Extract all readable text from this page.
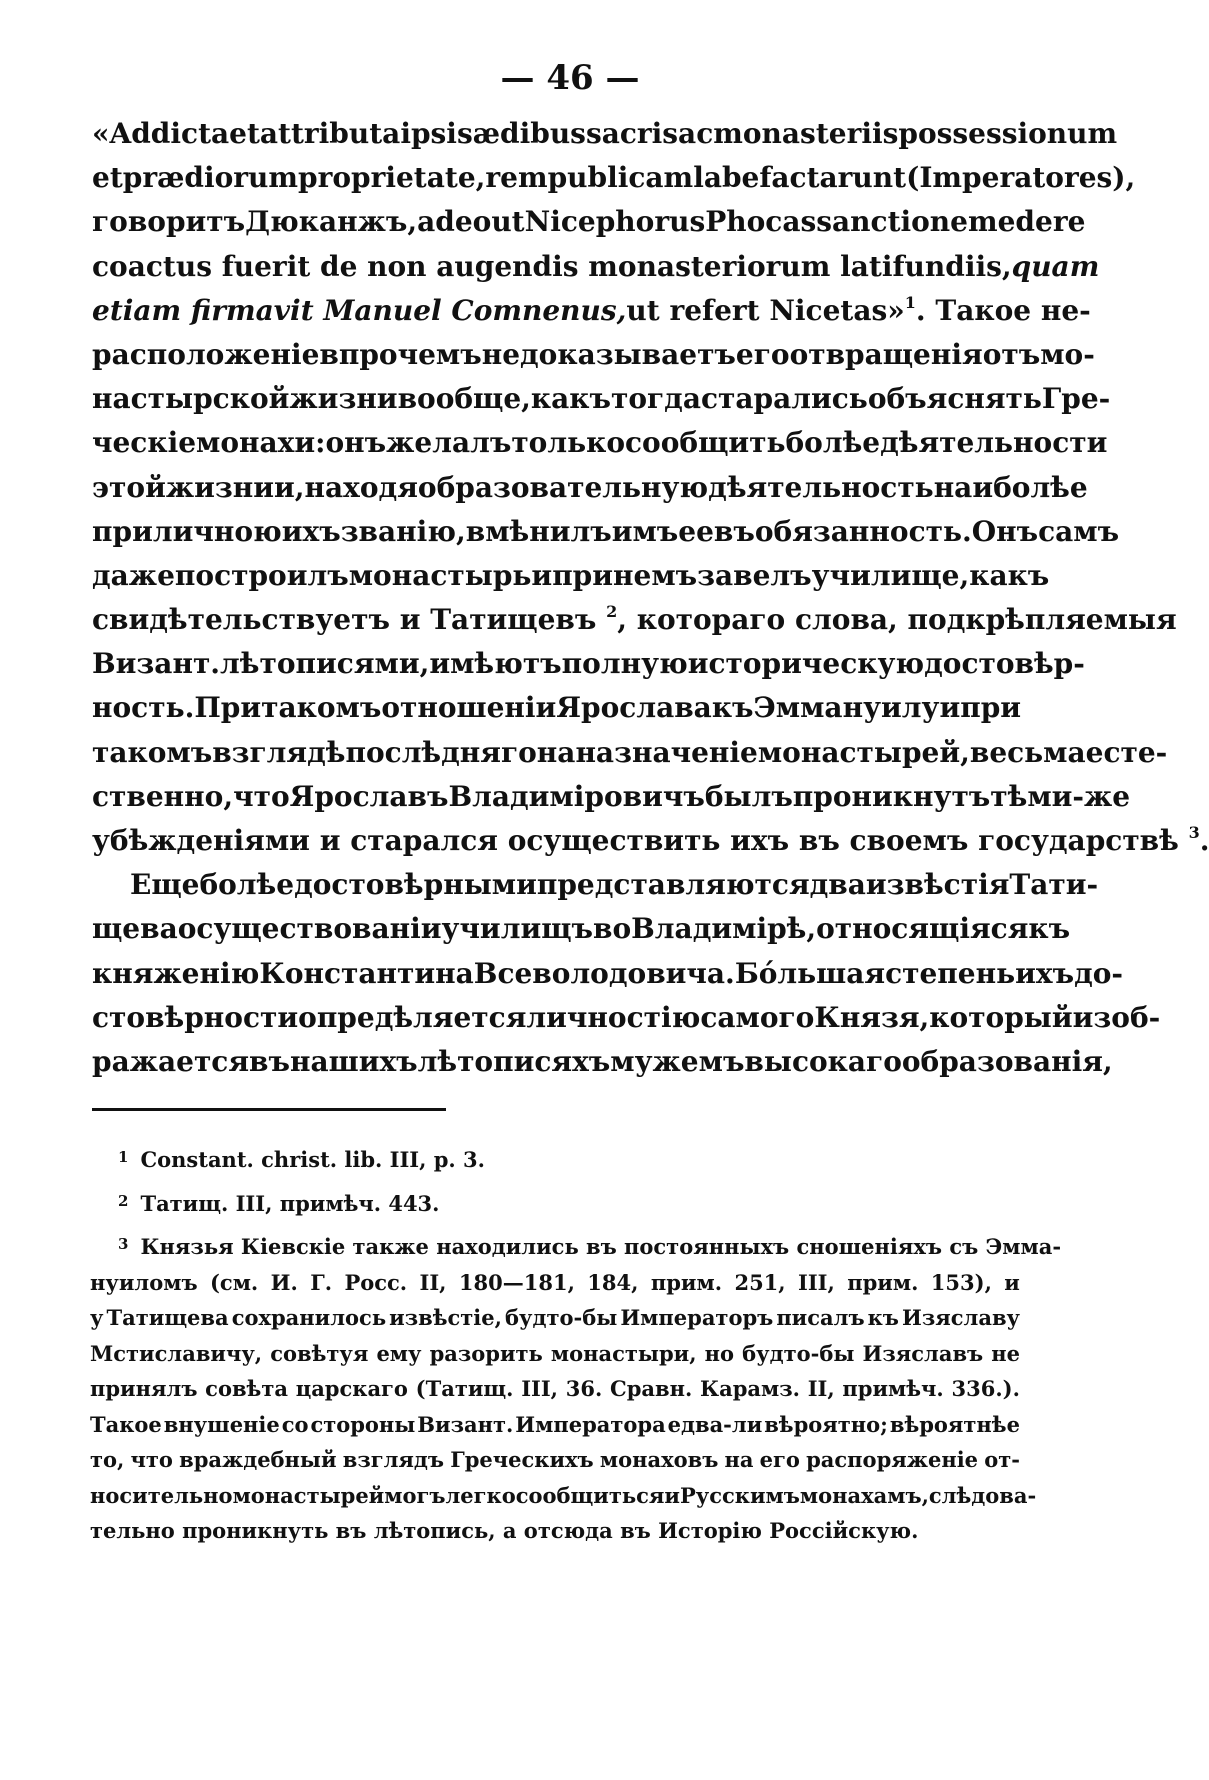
— 46 —
«Addicta et attributa ipsis ædibus sacris ac monasteriis possessionum
et prædiorum proprietate, rempublicam labefactarunt (Imperatores),
говоритъ Дюканжъ, adeo ut Nicephorus Phocas sanctionem edere
coactus fuerit de non augendis monasteriorum latifundiis, quam
etiam firmavit Manuel Comnenus, ut refert Nicetas» $^1$. Такое не-
расположеніе впрочемъ не доказываетъ его отвращенія отъ мо-
настырской жизни вообще, какъ тогда старались объяснять Гре-
ческіе монахи: онъ желалъ только сообщить болѣе дѣятельности
этой жизни и, находя образовательную дѣятельность наиболѣе
приличною ихъ званію, вмѣнилъ имъ ее въ обязанность. Онъ самъ
даже построилъ монастырь и при немъ завелъ училище, какъ
свидѣтельствуетъ и Татищевъ $^2$ , котораго слова, подкрѣпляемыя
Визант. лѣтописями, имѣютъ полную историческую достовѣр-
ность. При такомъ отношеніи Ярослава къ Эммануилу и при
такомъ взглядѣ послѣдняго на назначеніе монастырей, весьма есте-
ственно, что Ярославъ Владиміровичъ былъ проникнутъ тѣми-же
убѣжденіями и старался осуществить ихъ въ своемъ государствѣ
$^3$ .
Еще болѣе достовѣрными представляются два извѣстія Тати-
щева о существованіи училищъ во Владимірѣ, относящіяся къ
княженію Константина Всеволодовича. Бо́льшая степень ихъ до-
стовѣрности опредѣляется личностію самого Князя, который изоб-
ражается въ нашихъ лѣтописяхъ мужемъ высокаго образованія,
1 Constant. christ. lib. III, p. 3.
2 Татищ. III, примѣч. 443.
$^3$ Князья Кіевскіе также находились въ постоянныхъ сношеніяхъ съ Эмма-
нуиломъ (см. И. Г. Росс. II, 180—181, 184, прим. 251, III, прим. 153), и
у Татищева сохранилось извѣстіе, будто-бы Императоръ писалъ къ Изяславу
Мстиславичу, совѣтуя ему разорить монастыри, но будто-бы Изяславъ не
принялъ совѣта царскаго (Татищ. III, 36. Сравн. Карамз. II, примѣч. 336.).
Такое внушеніе со стороны Визант. Императора едва-ли вѣроятно; вѣроятнѣе
то, что враждебный взглядъ Греческихъ монаховъ на его распоряженіе от-
носительно монастырей могъ легко сообщиться и Русскимъ монахамъ, слѣдова-
тельно проникнуть въ лѣтопись, а отсюда въ Исторію Россійскую.
